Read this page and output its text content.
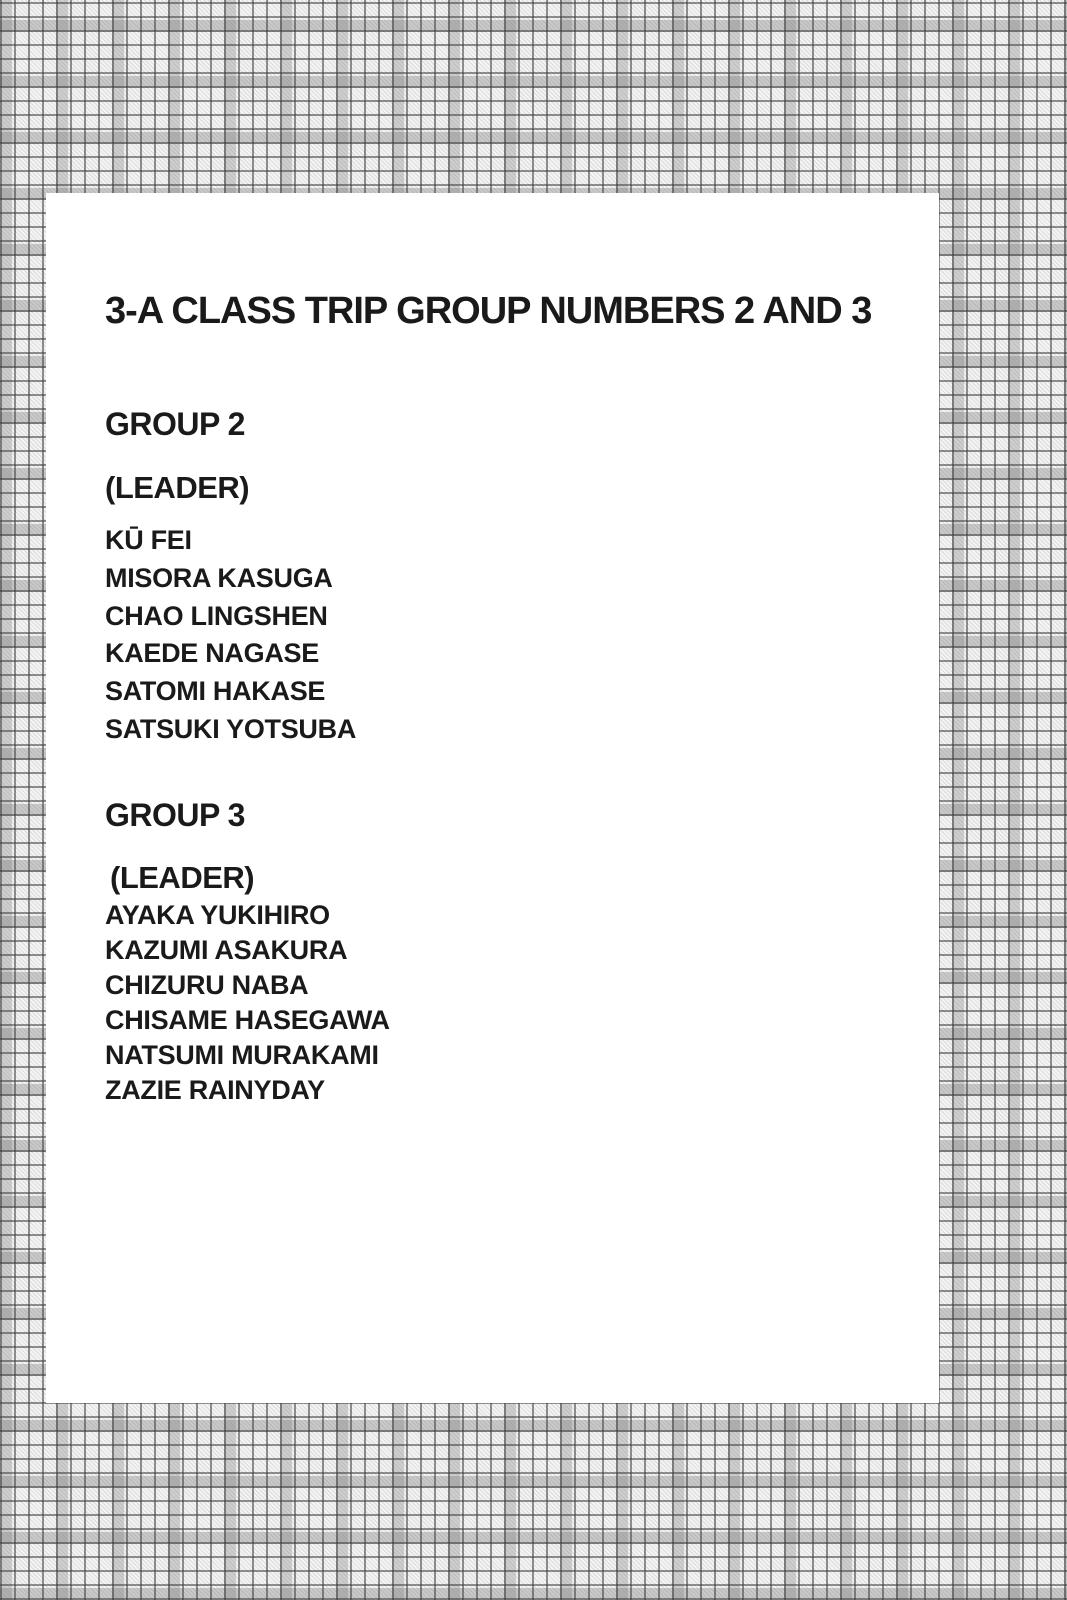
3-A CLASS TRIP GROUP NUMBERS 2 AND 3
GROUP 2
(LEADER)
KŪ FEI
MISORA KASUGA
CHAO LINGSHEN
KAEDE NAGASE
SATOMI HAKASE
SATSUKI YOTSUBA
GROUP 3
(LEADER)
AYAKA YUKIHIRO
KAZUMI ASAKURA
CHIZURU NABA
CHISAME HASEGAWA
NATSUMI MURAKAMI
ZAZIE RAINYDAY
